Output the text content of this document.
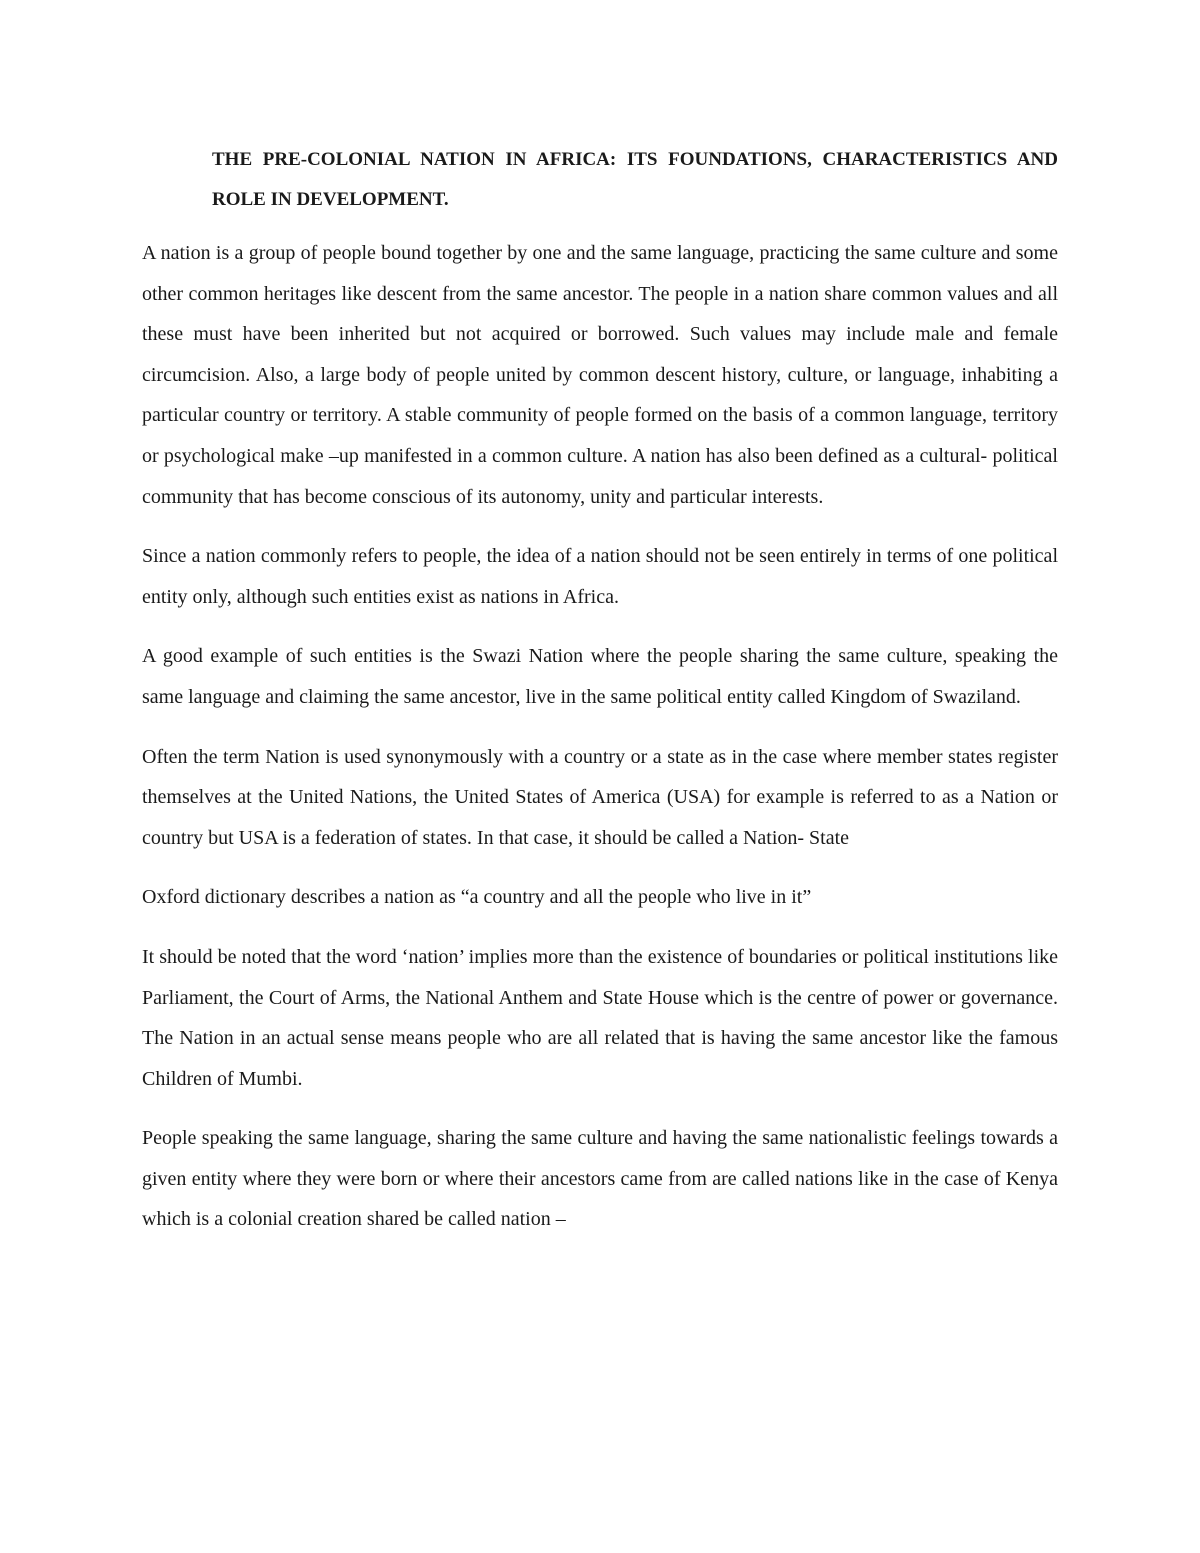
THE PRE-COLONIAL NATION IN AFRICA: ITS FOUNDATIONS, CHARACTERISTICS AND ROLE IN DEVELOPMENT.

A nation is a group of people bound together by one and the same language, practicing the same culture and some other common heritages like descent from the same ancestor. The people in a nation share common values and all these must have been inherited but not acquired or borrowed. Such values may include male and female circumcision. Also, a large body of people united by common descent history, culture, or language, inhabiting a particular country or territory. A stable community of people formed on the basis of a common language, territory or psychological make –up manifested in a common culture. A nation has also been defined as a cultural- political community that has become conscious of its autonomy, unity and particular interests.

Since a nation commonly refers to people, the idea of a nation should not be seen entirely in terms of one political entity only, although such entities exist as nations in Africa.

A good example of such entities is the Swazi Nation where the people sharing the same culture, speaking the same language and claiming the same ancestor, live in the same political entity called Kingdom of Swaziland.

Often the term Nation is used synonymously with a country or a state as in the case where member states register themselves at the United Nations, the United States of America (USA) for example is referred to as a Nation or country but USA is a federation of states. In that case, it should be called a Nation- State

Oxford dictionary describes a nation as “a country and all the people who live in it”

It should be noted that the word ‘nation’ implies more than the existence of boundaries or political institutions like Parliament, the Court of Arms, the National Anthem and State House which is the centre of power or governance. The Nation in an actual sense means people who are all related that is having the same ancestor like the famous Children of Mumbi.

People speaking the same language, sharing the same culture and having the same nationalistic feelings towards a given entity where they were born or where their ancestors came from are called nations like in the case of Kenya which is a colonial creation shared be called nation –
